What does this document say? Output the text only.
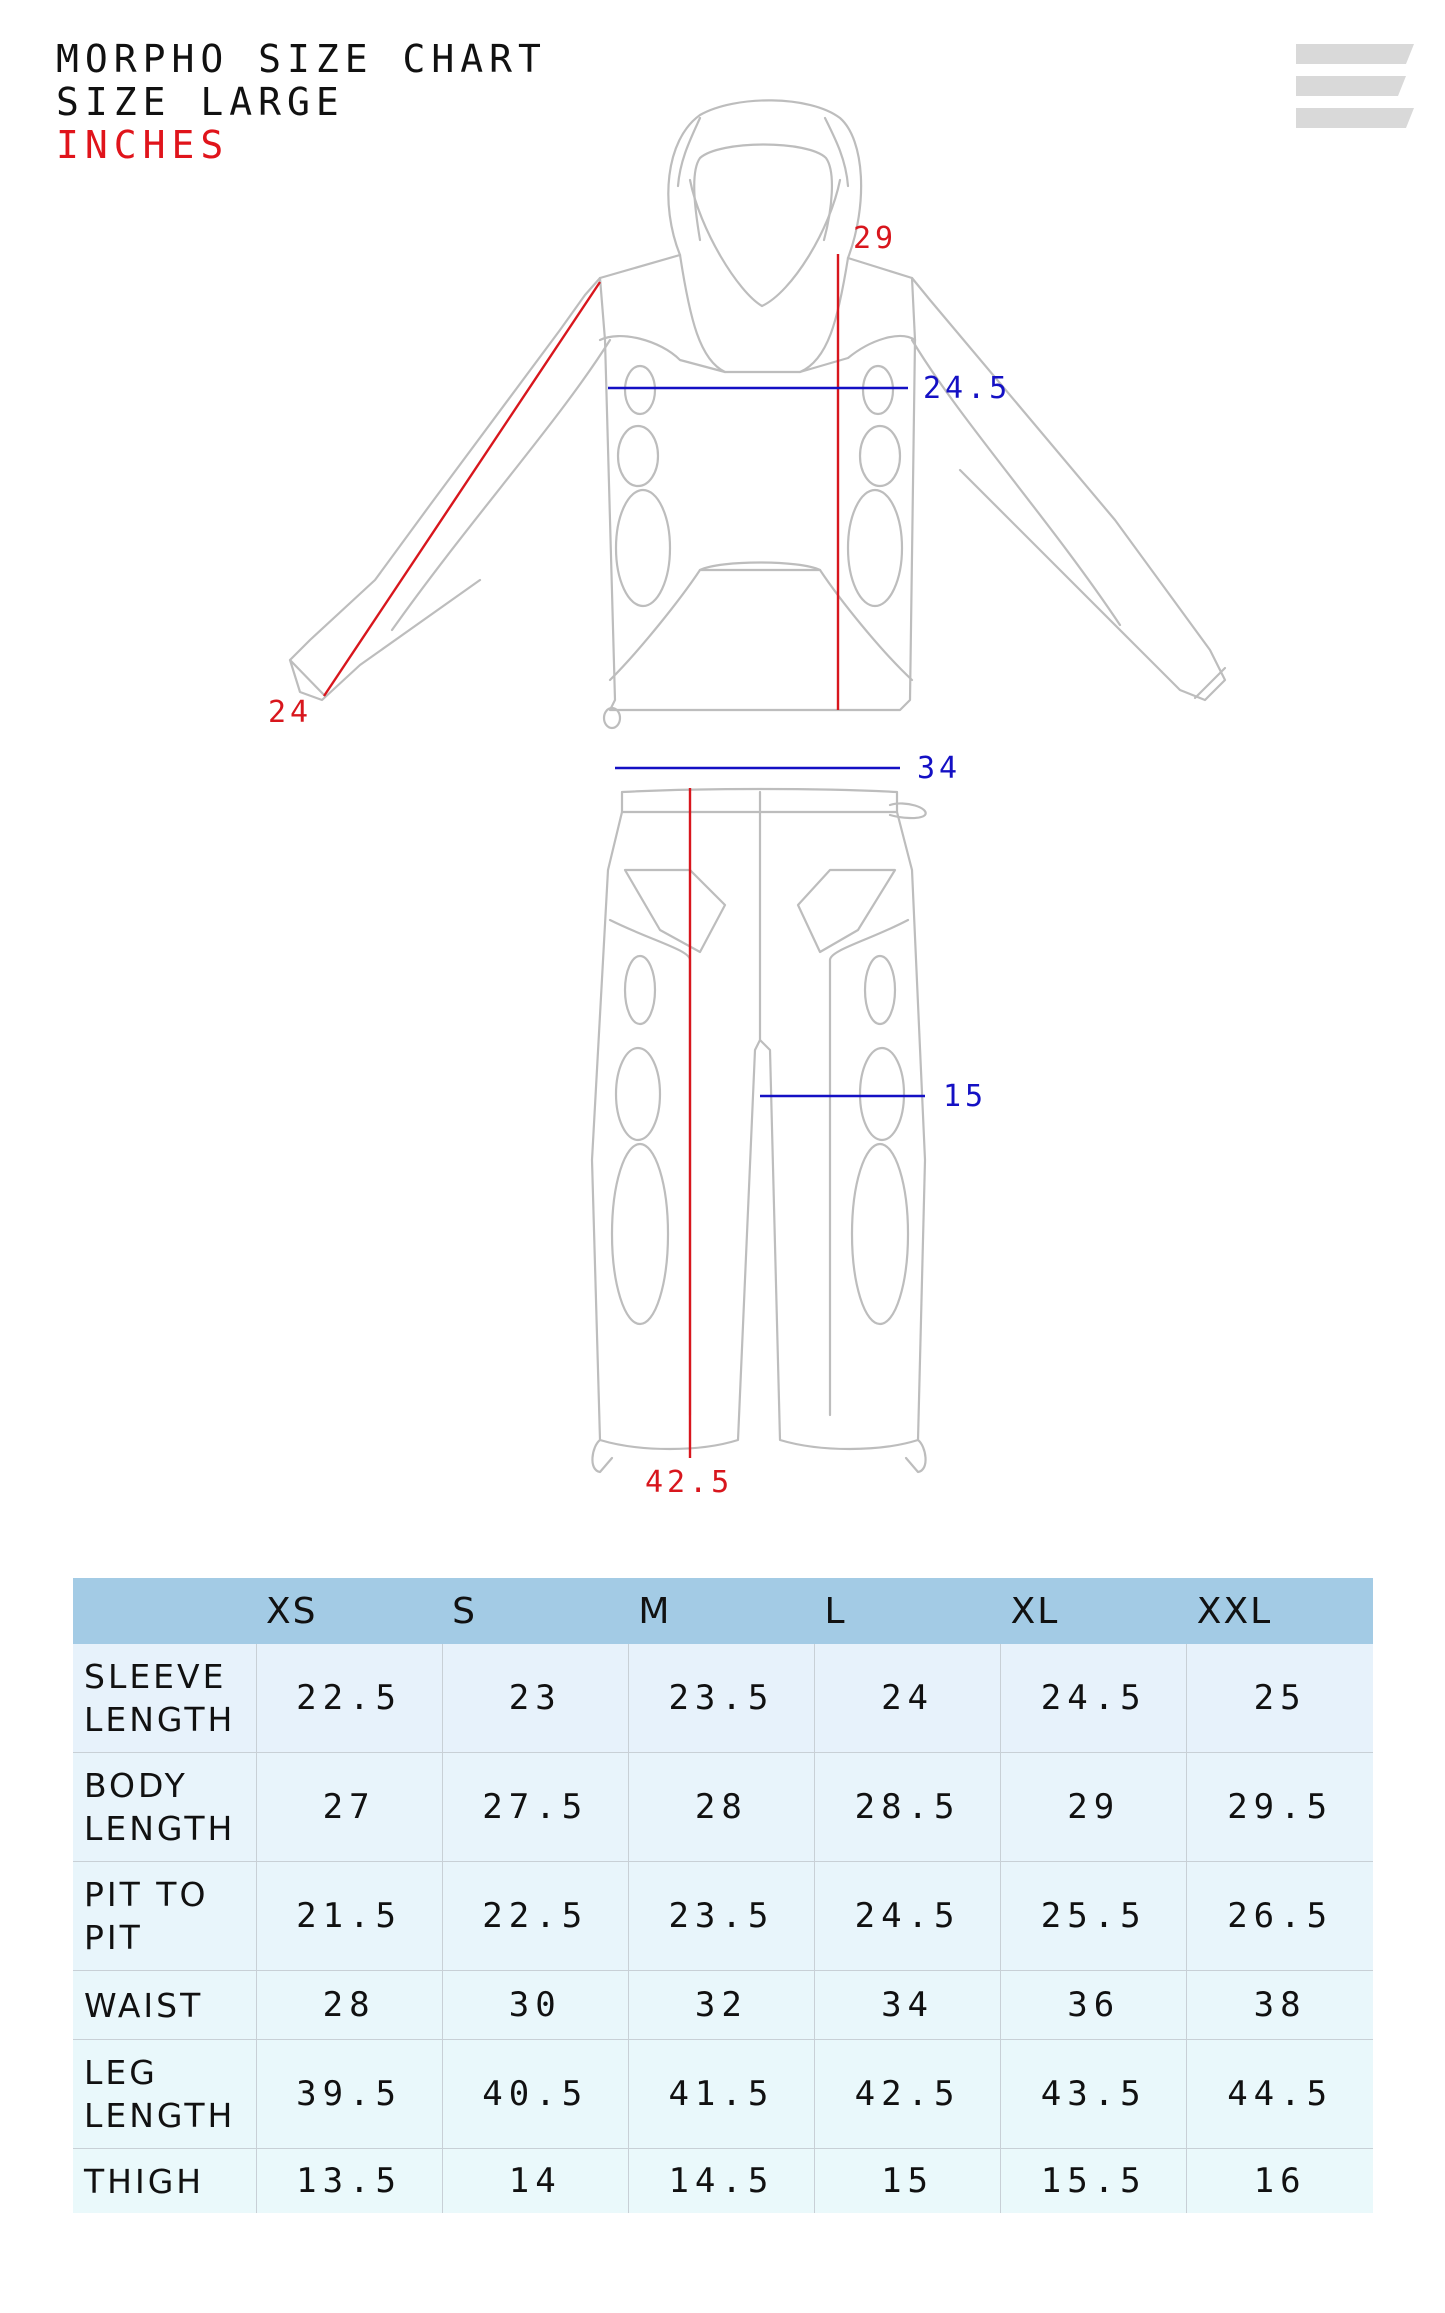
MORPHO SIZE CHART
SIZE LARGE
INCHES
29
24.5
24
34
15
42.5
	XS	S	M	L	XL	XXL
SLEEVE
LENGTH	22.5	23	23.5	24	24.5	25
BODY
LENGTH	27	27.5	28	28.5	29	29.5
PIT TO
PIT	21.5	22.5	23.5	24.5	25.5	26.5
WAIST	28	30	32	34	36	38
LEG
LENGTH	39.5	40.5	41.5	42.5	43.5	44.5
THIGH	13.5	14	14.5	15	15.5	16
